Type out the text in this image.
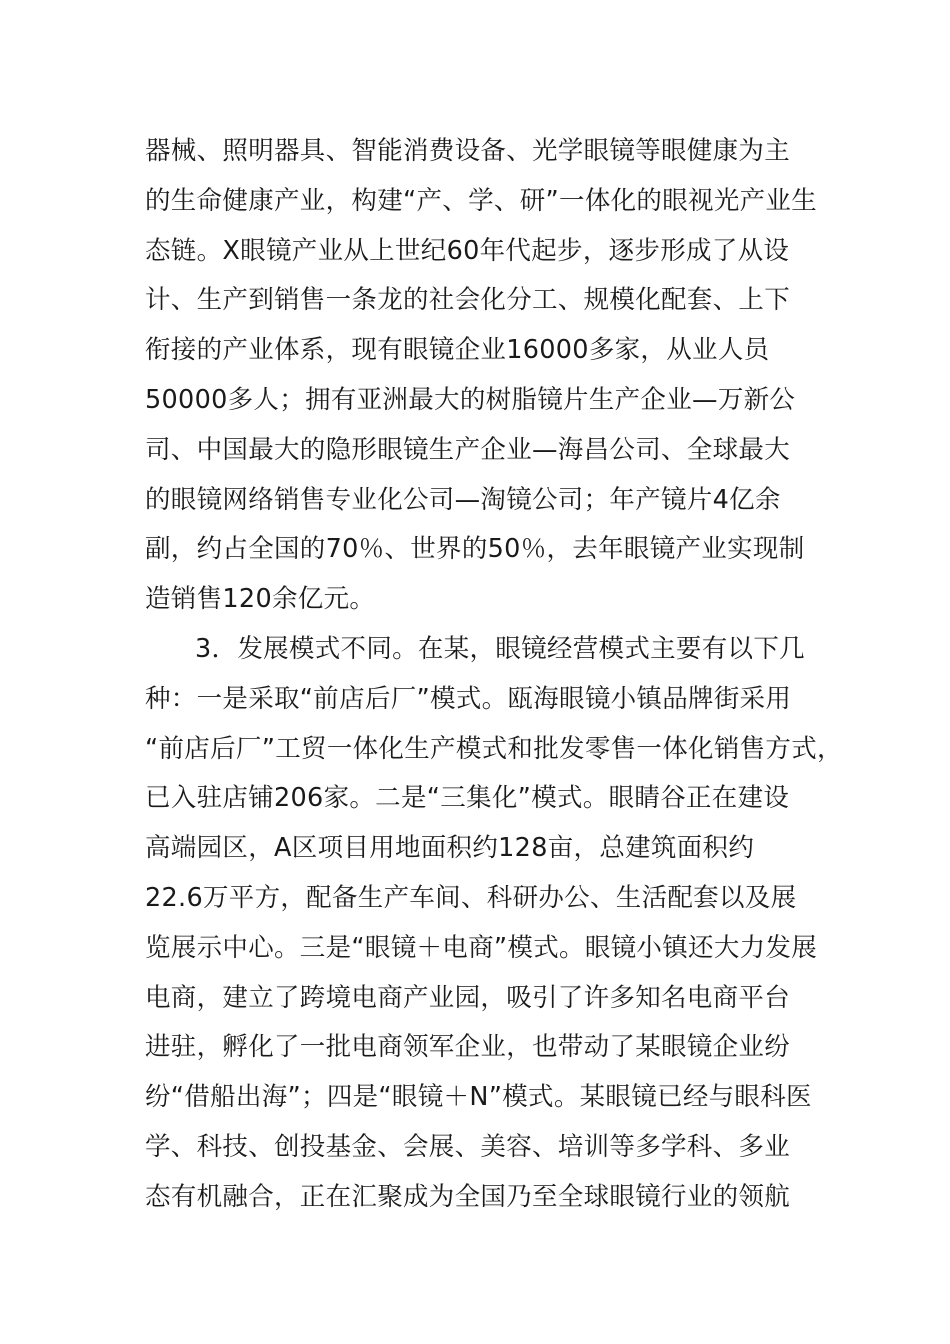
器械、照明器具、智能消费设备、光学眼镜等眼健康为主
的生命健康产业，构建“产、学、研”一体化的眼视光产业生
态链。X眼镜产业从上世纪60年代起步，逐步形成了从设
计、生产到销售一条龙的社会化分工、规模化配套、上下
衔接的产业体系，现有眼镜企业16000多家，从业人员
50000多人；拥有亚洲最大的树脂镜片生产企业—万新公
司、中国最大的隐形眼镜生产企业—海昌公司、全球最大
的眼镜网络销售专业化公司—淘镜公司；年产镜片4亿余
副，约占全国的70％、世界的50％，去年眼镜产业实现制
造销售120余亿元。
3．发展模式不同。在某，眼镜经营模式主要有以下几
种：一是采取“前店后厂”模式。瓯海眼镜小镇品牌街采用
“前店后厂”工贸一体化生产模式和批发零售一体化销售方式，
已入驻店铺206家。二是“三集化”模式。眼睛谷正在建设
高端园区，A区项目用地面积约128亩，总建筑面积约
22.6万平方，配备生产车间、科研办公、生活配套以及展
览展示中心。三是“眼镜＋电商”模式。眼镜小镇还大力发展
电商，建立了跨境电商产业园，吸引了许多知名电商平台
进驻，孵化了一批电商领军企业，也带动了某眼镜企业纷
纷“借船出海”；四是“眼镜＋N”模式。某眼镜已经与眼科医
学、科技、创投基金、会展、美容、培训等多学科、多业
态有机融合，正在汇聚成为全国乃至全球眼镜行业的领航
